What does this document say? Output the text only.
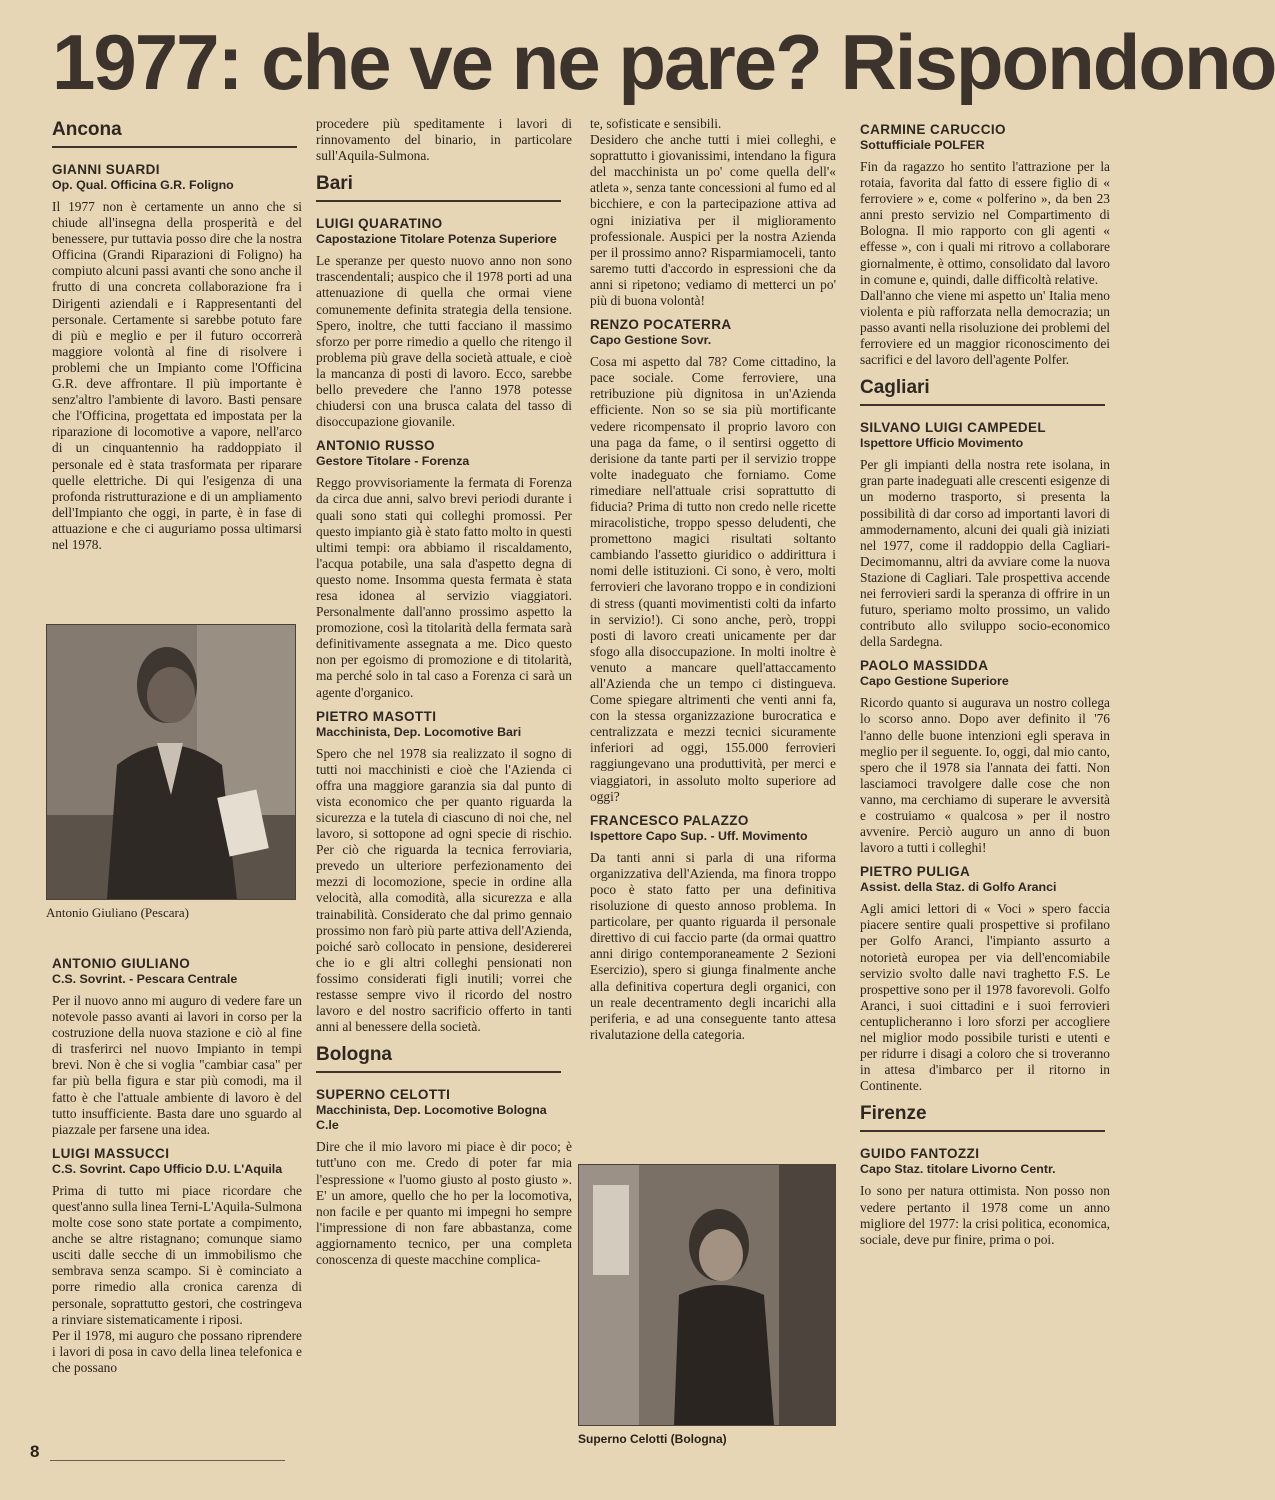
1977: che ve ne pare? Rispondono
Ancona
GIANNI SUARDI
Op. Qual. Officina G.R. Foligno

Il 1977 non è certamente un anno che si chiude all'insegna della prosperità e del benessere, pur tuttavia posso dire che la nostra Officina (Grandi Riparazioni di Foligno) ha compiuto alcuni passi avanti che sono anche il frutto di una concreta collaborazione fra i Dirigenti aziendali e i Rappresentanti del personale. Certamente si sarebbe potuto fare di più e meglio e per il futuro occorrerà maggiore volontà al fine di risolvere i problemi che un Impianto come l'Officina G.R. deve affrontare. Il più importante è senz'altro l'ambiente di lavoro. Basti pensare che l'Officina, progettata ed impostata per la riparazione di locomotive a vapore, nell'arco di un cinquantennio ha raddoppiato il personale ed è stata trasformata per riparare quelle elettriche. Di qui l'esigenza di una profonda ristrutturazione e di un ampliamento dell'Impianto che oggi, in parte, è in fase di attuazione e che ci auguriamo possa ultimarsi nel 1978.

Antonio Giuliano (Pescara)
ANTONIO GIULIANO
C.S. Sovrint. - Pescara Centrale

Per il nuovo anno mi auguro di vedere fare un notevole passo avanti ai lavori in corso per la costruzione della nuova stazione e ciò al fine di trasferirci nel nuovo Impianto in tempi brevi. Non è che si voglia "cambiar casa" per far più bella figura e star più comodi, ma il fatto è che l'attuale ambiente di lavoro è del tutto insufficiente. Basta dare uno sguardo al piazzale per farsene una idea.

LUIGI MASSUCCI
C.S. Sovrint. Capo Ufficio D.U. L'Aquila

Prima di tutto mi piace ricordare che quest'anno sulla linea Terni-L'Aquila-Sulmona molte cose sono state portate a compimento, anche se altre ristagnano; comunque siamo usciti dalle secche di un immobilismo che sembrava senza scampo. Si è cominciato a porre rimedio alla cronica carenza di personale, soprattutto gestori, che costringeva a rinviare sistematicamente i riposi.
Per il 1978, mi auguro che possano riprendere i lavori di posa in cavo della linea telefonica e che possano

procedere più speditamente i lavori di rinnovamento del binario, in particolare sull'Aquila-Sulmona.

Bari
LUIGI QUARATINO
Capostazione Titolare Potenza Superiore

Le speranze per questo nuovo anno non sono trascendentali; auspico che il 1978 porti ad una attenuazione di quella che ormai viene comunemente definita strategia della tensione. Spero, inoltre, che tutti facciano il massimo sforzo per porre rimedio a quello che ritengo il problema più grave della società attuale, e cioè la mancanza di posti di lavoro. Ecco, sarebbe bello prevedere che l'anno 1978 potesse chiudersi con una brusca calata del tasso di disoccupazione giovanile.

ANTONIO RUSSO
Gestore Titolare - Forenza

Reggo provvisoriamente la fermata di Forenza da circa due anni, salvo brevi periodi durante i quali sono stati qui colleghi promossi. Per questo impianto già è stato fatto molto in questi ultimi tempi: ora abbiamo il riscaldamento, l'acqua potabile, una sala d'aspetto degna di questo nome. Insomma questa fermata è stata resa idonea al servizio viaggiatori. Personalmente dall'anno prossimo aspetto la promozione, così la titolarità della fermata sarà definitivamente assegnata a me. Dico questo non per egoismo di promozione e di titolarità, ma perché solo in tal caso a Forenza ci sarà un agente d'organico.

PIETRO MASOTTI
Macchinista, Dep. Locomotive Bari

Spero che nel 1978 sia realizzato il sogno di tutti noi macchinisti e cioè che l'Azienda ci offra una maggiore garanzia sia dal punto di vista economico che per quanto riguarda la sicurezza e la tutela di ciascuno di noi che, nel lavoro, si sottopone ad ogni specie di rischio. Per ciò che riguarda la tecnica ferroviaria, prevedo un ulteriore perfezionamento dei mezzi di locomozione, specie in ordine alla velocità, alla comodità, alla sicurezza e alla trainabilità. Considerato che dal primo gennaio prossimo non farò più parte attiva dell'Azienda, poiché sarò collocato in pensione, desidererei che io e gli altri colleghi pensionati non fossimo considerati figli inutili; vorrei che restasse sempre vivo il ricordo del nostro lavoro e del nostro sacrificio offerto in tanti anni al benessere della società.

Bologna
SUPERNO CELOTTI
Macchinista, Dep. Locomotive Bologna C.le

Dire che il mio lavoro mi piace è dir poco; è tutt'uno con me. Credo di poter far mia l'espressione « l'uomo giusto al posto giusto ». E' un amore, quello che ho per la locomotiva, non facile e per quanto mi impegni ho sempre l'impressione di non fare abbastanza, come aggiornamento tecnico, per una completa conoscenza di queste macchine complica-

te, sofisticate e sensibili.
Desidero che anche tutti i miei colleghi, e soprattutto i giovanissimi, intendano la figura del macchinista un po' come quella dell'« atleta », senza tante concessioni al fumo ed al bicchiere, e con la partecipazione attiva ad ogni iniziativa per il miglioramento professionale. Auspici per la nostra Azienda per il prossimo anno? Risparmiamoceli, tanto saremo tutti d'accordo in espressioni che da anni si ripetono; vediamo di metterci un po' più di buona volontà!

RENZO POCATERRA
Capo Gestione Sovr.

Cosa mi aspetto dal 78? Come cittadino, la pace sociale. Come ferroviere, una retribuzione più dignitosa in un'Azienda efficiente. Non so se sia più mortificante vedere ricompensato il proprio lavoro con una paga da fame, o il sentirsi oggetto di derisione da tante parti per il servizio troppe volte inadeguato che forniamo. Come rimediare nell'attuale crisi soprattutto di fiducia? Prima di tutto non credo nelle ricette miracolistiche, troppo spesso deludenti, che promettono magici risultati soltanto cambiando l'assetto giuridico o addirittura i nomi delle istituzioni. Ci sono, è vero, molti ferrovieri che lavorano troppo e in condizioni di stress (quanti movimentisti colti da infarto in servizio!). Ci sono anche, però, troppi posti di lavoro creati unicamente per dar sfogo alla disoccupazione. In molti inoltre è venuto a mancare quell'attaccamento all'Azienda che un tempo ci distingueva. Come spiegare altrimenti che venti anni fa, con la stessa organizzazione burocratica e centralizzata e mezzi tecnici sicuramente inferiori ad oggi, 155.000 ferrovieri raggiungevano una produttività, per merci e viaggiatori, in assoluto molto superiore ad oggi?

FRANCESCO PALAZZO
Ispettore Capo Sup. - Uff. Movimento

Da tanti anni si parla di una riforma organizzativa dell'Azienda, ma finora troppo poco è stato fatto per una definitiva risoluzione di questo annoso problema. In particolare, per quanto riguarda il personale direttivo di cui faccio parte (da ormai quattro anni dirigo contemporaneamente 2 Sezioni Esercizio), spero si giunga finalmente anche alla definitiva copertura degli organici, con un reale decentramento degli incarichi alla periferia, e ad una conseguente tanto attesa rivalutazione della categoria.

Superno Celotti (Bologna)
CARMINE CARUCCIO
Sottufficiale POLFER

Fin da ragazzo ho sentito l'attrazione per la rotaia, favorita dal fatto di essere figlio di « ferroviere » e, come « polferino », da ben 23 anni presto servizio nel Compartimento di Bologna. Il mio rapporto con gli agenti « effesse », con i quali mi ritrovo a collaborare giornalmente, è ottimo, consolidato dal lavoro in comune e, quindi, dalle difficoltà relative.
Dall'anno che viene mi aspetto un' Italia meno violenta e più rafforzata nella democrazia; un passo avanti nella risoluzione dei problemi del ferroviere ed un maggior riconoscimento dei sacrifici e del lavoro dell'agente Polfer.

Cagliari
SILVANO LUIGI CAMPEDEL
Ispettore Ufficio Movimento

Per gli impianti della nostra rete isolana, in gran parte inadeguati alle crescenti esigenze di un moderno trasporto, si presenta la possibilità di dar corso ad importanti lavori di ammodernamento, alcuni dei quali già iniziati nel 1977, come il raddoppio della Cagliari-Decimomannu, altri da avviare come la nuova Stazione di Cagliari. Tale prospettiva accende nei ferrovieri sardi la speranza di offrire in un futuro, speriamo molto prossimo, un valido contributo allo sviluppo socio-economico della Sardegna.

PAOLO MASSIDDA
Capo Gestione Superiore

Ricordo quanto si augurava un nostro collega lo scorso anno. Dopo aver definito il '76 l'anno delle buone intenzioni egli sperava in meglio per il seguente. Io, oggi, dal mio canto, spero che il 1978 sia l'annata dei fatti. Non lasciamoci travolgere dalle cose che non vanno, ma cerchiamo di superare le avversità e costruiamo « qualcosa » per il nostro avvenire. Perciò auguro un anno di buon lavoro a tutti i colleghi!

PIETRO PULIGA
Assist. della Staz. di Golfo Aranci

Agli amici lettori di « Voci » spero faccia piacere sentire quali prospettive si profilano per Golfo Aranci, l'impianto assurto a notorietà europea per via dell'encomiabile servizio svolto dalle navi traghetto F.S. Le prospettive sono per il 1978 favorevoli. Golfo Aranci, i suoi cittadini e i suoi ferrovieri centuplicheranno i loro sforzi per accogliere nel miglior modo possibile turisti e utenti e per ridurre i disagi a coloro che si troveranno in attesa d'imbarco per il ritorno in Continente.

Firenze
GUIDO FANTOZZI
Capo Staz. titolare Livorno Centr.

Io sono per natura ottimista. Non posso non vedere pertanto il 1978 come un anno migliore del 1977: la crisi politica, economica, sociale, deve pur finire, prima o poi.

8
